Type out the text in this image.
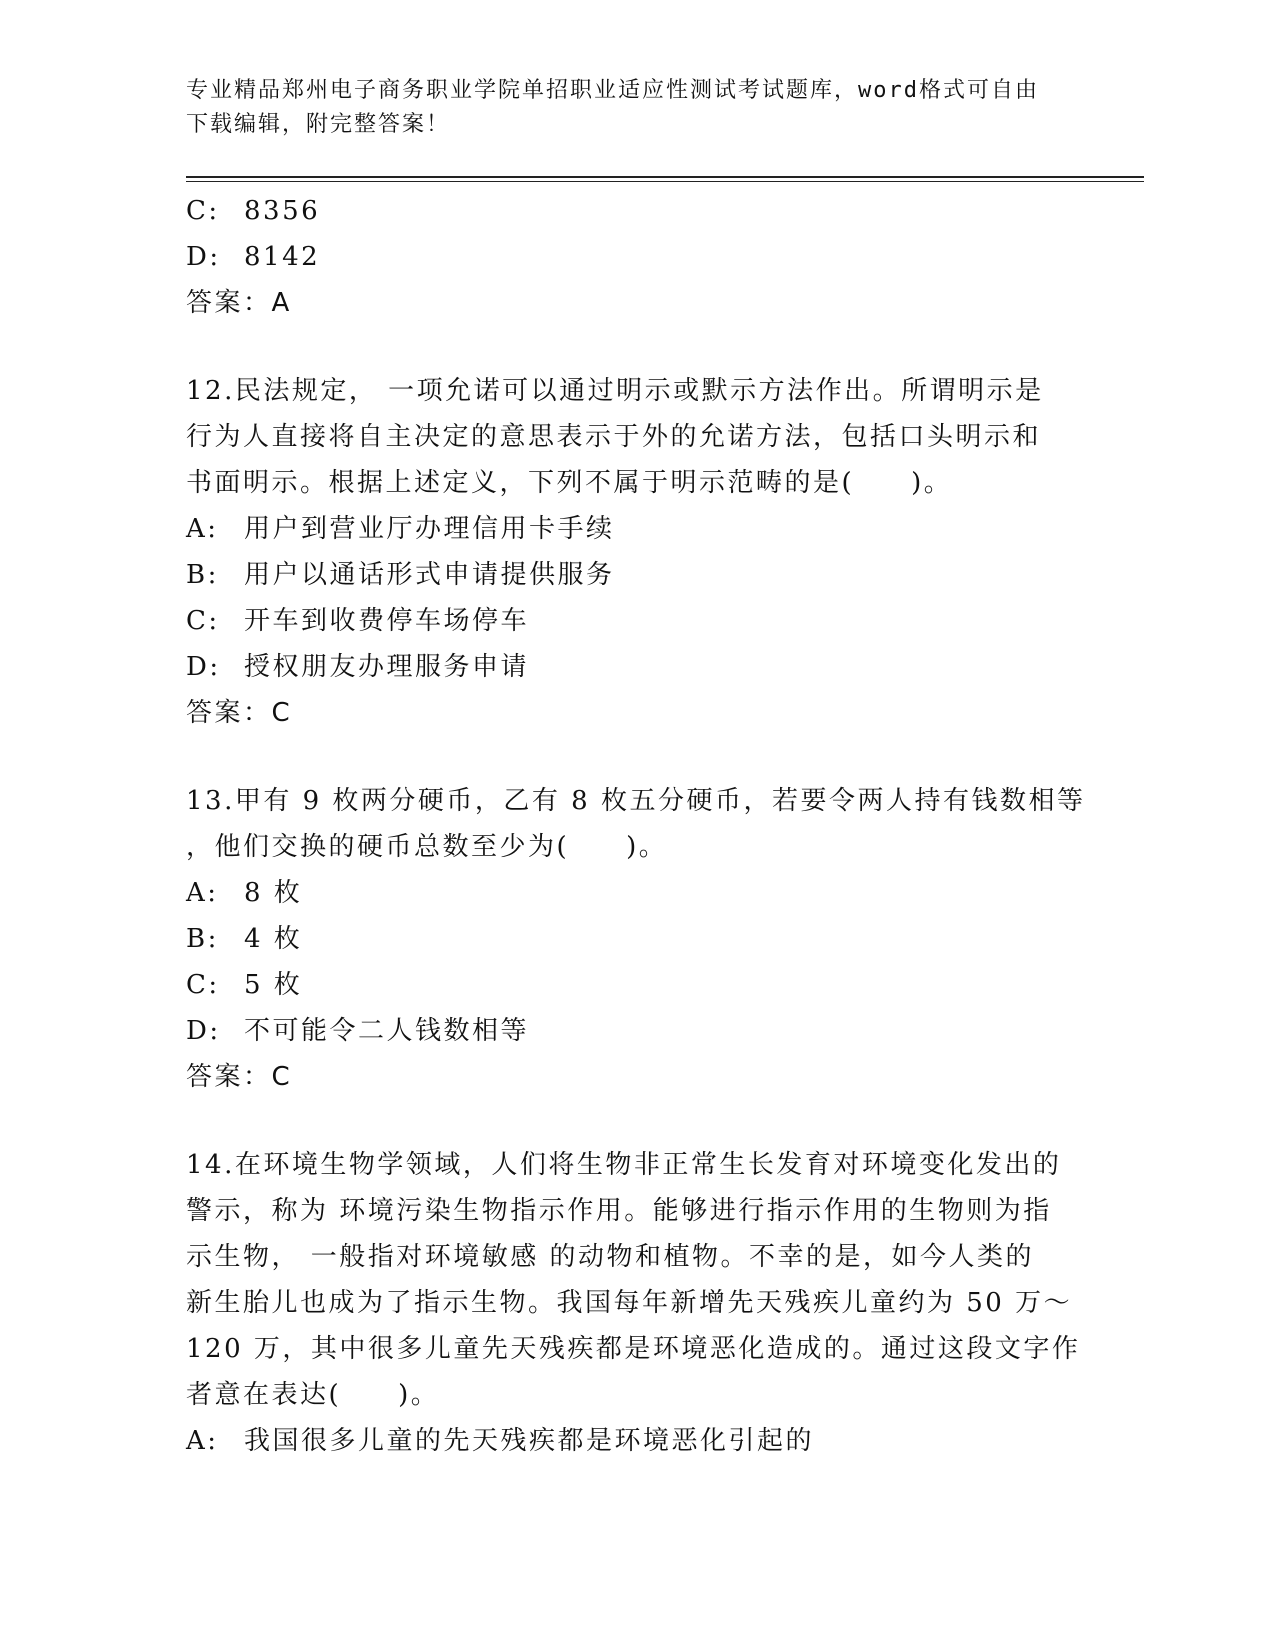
专业精品郑州电子商务职业学院单招职业适应性测试考试题库，word格式可自由
下载编辑，附完整答案！
C: 8356
D: 8142
答案：A
12.民法规定， 一项允诺可以通过明示或默示方法作出。所谓明示是
行为人直接将自主决定的意思表示于外的允诺方法，包括口头明示和
书面明示。根据上述定义，下列不属于明示范畴的是(　　)。
A: 用户到营业厅办理信用卡手续
B: 用户以通话形式申请提供服务
C: 开车到收费停车场停车
D: 授权朋友办理服务申请
答案：C
13.甲有 9 枚两分硬币，乙有 8 枚五分硬币，若要令两人持有钱数相等
，他们交换的硬币总数至少为(　　)。
A: 8 枚
B: 4 枚
C: 5 枚
D: 不可能令二人钱数相等
答案：C
14.在环境生物学领域，人们将生物非正常生长发育对环境变化发出的
警示，称为 环境污染生物指示作用。能够进行指示作用的生物则为指
示生物， 一般指对环境敏感 的动物和植物。不幸的是，如今人类的
新生胎儿也成为了指示生物。我国每年新增先天残疾儿童约为 50 万～
120 万，其中很多儿童先天残疾都是环境恶化造成的。通过这段文字作
者意在表达(　　)。
A: 我国很多儿童的先天残疾都是环境恶化引起的
